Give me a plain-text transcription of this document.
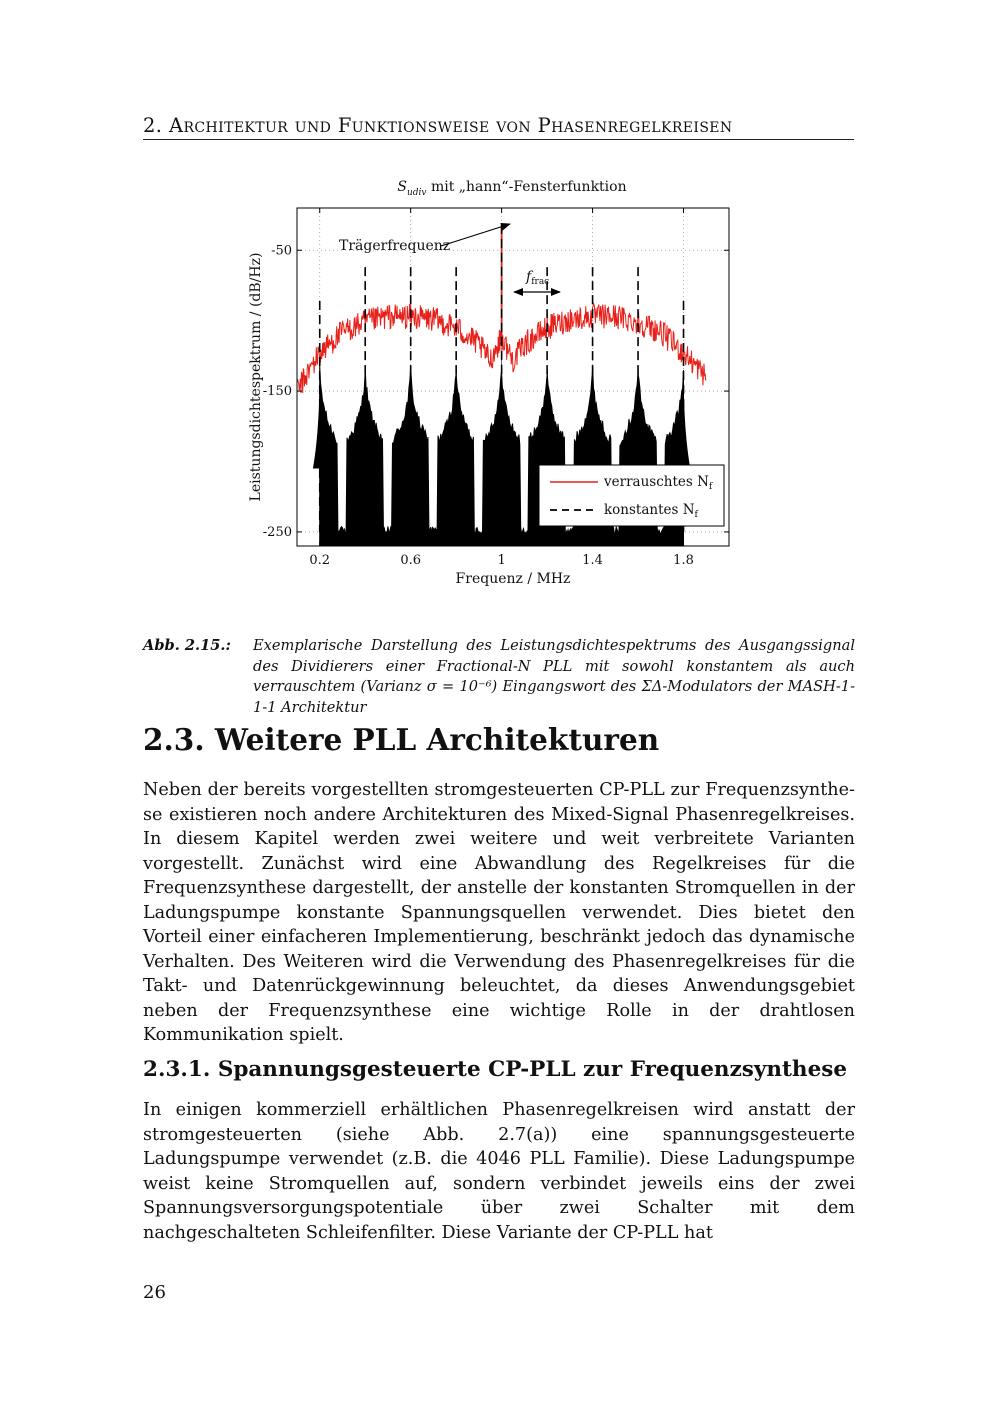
2. Architektur und Funktionsweise von Phasenregelkreisen
$S_{udiv}$ mit „hann“-Fensterfunktion
0.2	0.6	1	1.4	1.8
-50
-150
-250
Leistungsdichtespektrum / (dB/Hz)
Frequenz / MHz
Trägerfrequenz
$f_{frac}$
verrauschtes $N_f$
konstantes $N_f$
Abb. 2.15.:	Exemplarische Darstellung des Leistungsdichtespektrums des Ausgangssignal des Dividierers einer Fractional-N PLL mit sowohl konstantem als auch verrauschtem (Varianz σ = 10⁻⁶) Eingangswort des ΣΔ-Modulators der MASH-1-1-1 Architektur
2.3. Weitere PLL Architekturen

Neben der bereits vorgestellten stromgesteuerten CP-PLL zur Frequenzsynthese existieren noch andere Architekturen des Mixed-Signal Phasenregelkreises. In diesem Kapitel werden zwei weitere und weit verbreitete Varianten vorgestellt. Zunächst wird eine Abwandlung des Regelkreises für die Frequenzsynthese dargestellt, der anstelle der konstanten Stromquellen in der Ladungspumpe konstante Spannungsquellen verwendet. Dies bietet den Vorteil einer einfacheren Implementierung, beschränkt jedoch das dynamische Verhalten. Des Weiteren wird die Verwendung des Phasenregelkreises für die Takt- und Datenrückgewinnung beleuchtet, da dieses Anwendungsgebiet neben der Frequenzsynthese eine wichtige Rolle in der drahtlosen Kommunikation spielt.

2.3.1. Spannungsgesteuerte CP-PLL zur Frequenzsynthese

In einigen kommerziell erhältlichen Phasenregelkreisen wird anstatt der stromgesteuerten (siehe Abb. 2.7(a)) eine spannungsgesteuerte Ladungspumpe verwendet (z.B. die 4046 PLL Familie). Diese Ladungspumpe weist keine Stromquellen auf, sondern verbindet jeweils eins der zwei Spannungsversorgungspotentiale über zwei Schalter mit dem nachgeschalteten Schleifenfilter. Diese Variante der CP-PLL hat

26
